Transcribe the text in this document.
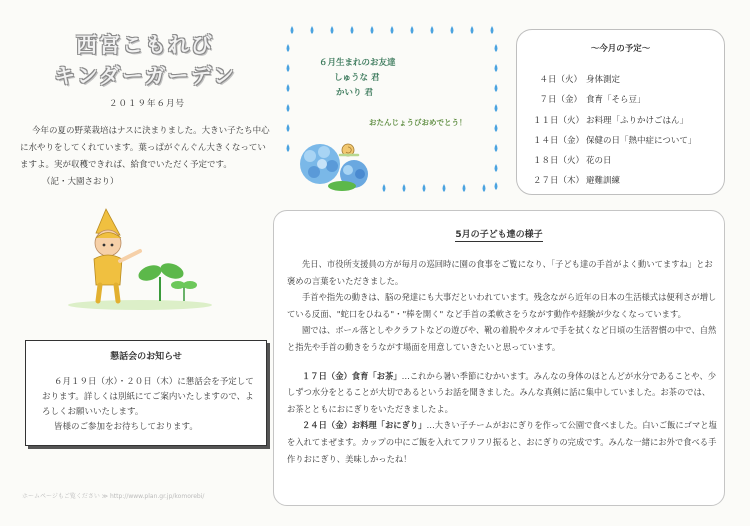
西宮こもれび
キンダーガーデン
２０１９年６月号
今年の夏の野菜栽培はナスに決まりました。大きい子たち中心に水やりをしてくれています。葉っぱがぐんぐん大きくなっていますよ。実が収穫できれば、給食でいただく予定です。（記・大園さおり）
懇話会のお知らせ

６月１９日（水）・２０日（木）に懇話会を予定しております。詳しくは別紙にてご案内いたしますので、よろしくお願いいたします。

皆様のご参加をお待ちしております。

ホームページもご覧ください ≫ http://www.plan.gr.jp/komorebi/
６月生まれのお友達
しゅうな 君
かいり 君
おたんじょうびおめでとう！
～今月の予定～
４日（火） 身体測定
７日（金） 食育「そら豆」
１１日（火） お料理「ふりかけごはん」
１４日（金） 保健の日「熱中症について」
１８日（火） 花の日
２７日（木） 避難訓練
5月の子ども達の様子

先日、市役所支援員の方が毎月の巡回時に園の食事をご覧になり、「子ども達の手首がよく動いてますね」とお褒めの言葉をいただきました。

手首や指先の動きは、脳の発達にも大事だといわれています。残念ながら近年の日本の生活様式は便利さが増している反面、"蛇口をひねる"・"棒を開く" など手首の柔軟さをうながす動作や経験が少なくなっています。

園では、ボール落としやクラフトなどの遊びや、靴の着脱やタオルで手を拭くなど日頃の生活習慣の中で、自然と指先や手首の動きをうながす場面を用意していきたいと思っています。

１７日（金）食育「お茶」…これから暑い季節にむかいます。みんなの身体のほとんどが水分であることや、少しずつ水分をとることが大切であるというお話を聞きました。みんな真剣に話に集中していました。お茶のでは、お茶とともにおにぎりをいただきましたよ。

２４日（金）お料理「おにぎり」…大きい子チームがおにぎりを作って公園で食べました。白いご飯にゴマと塩を入れてまぜます。カップの中にご飯を入れてフリフリ振ると、おにぎりの完成です。みんな一緒にお外で食べる手作りおにぎり、美味しかったね！
